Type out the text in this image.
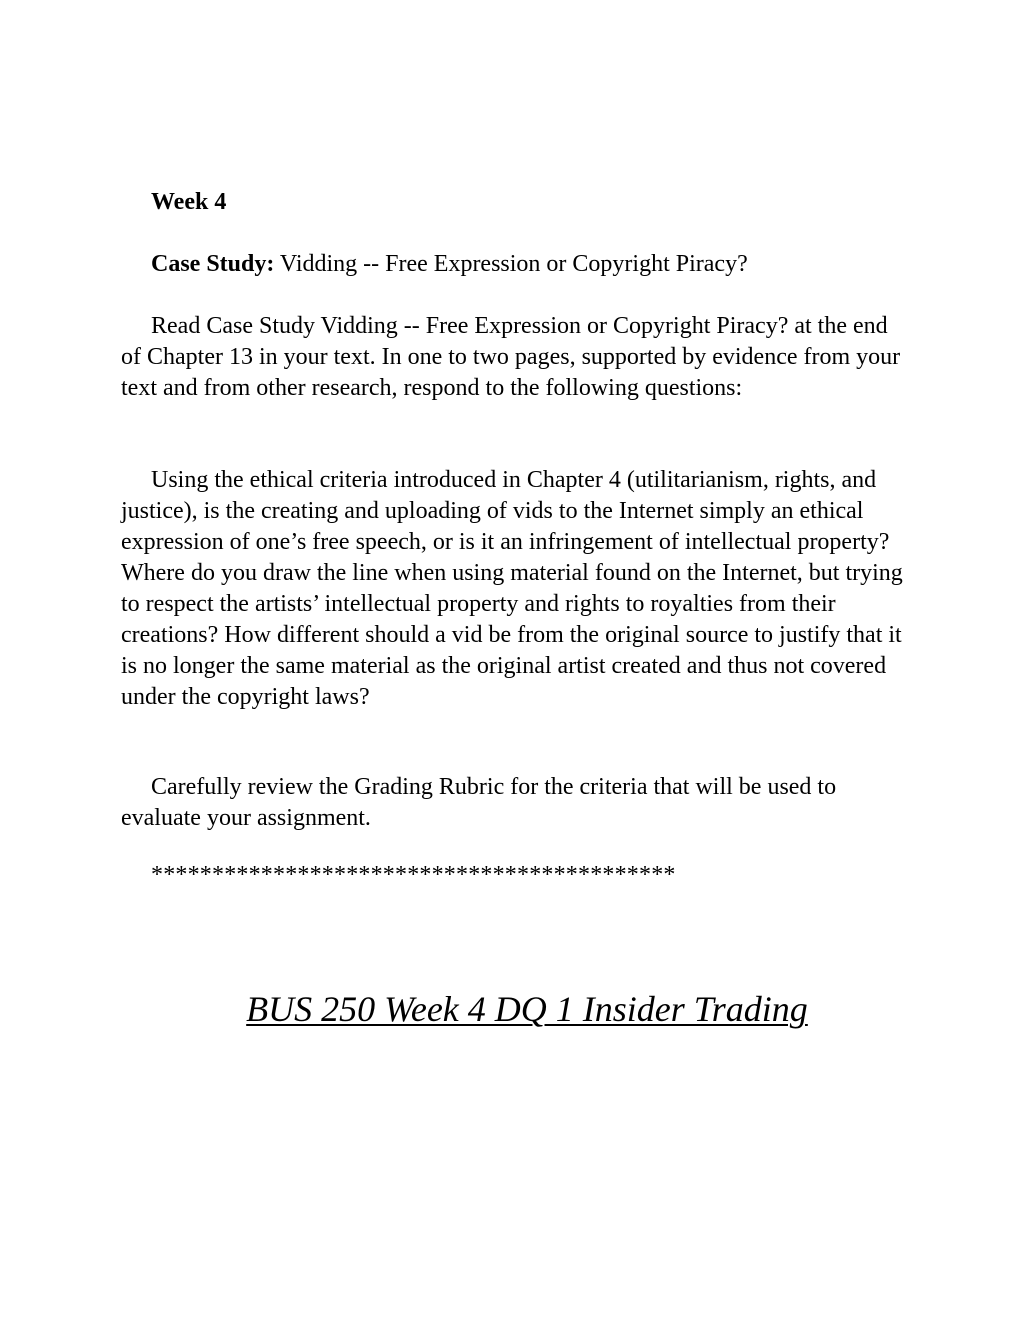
Week 4

Case Study: Vidding -- Free Expression or Copyright Piracy?

Read Case Study Vidding -- Free Expression or Copyright Piracy? at the end of Chapter 13 in your text. In one to two pages, supported by evidence from your text and from other research, respond to the following questions:

Using the ethical criteria introduced in Chapter 4 (utilitarianism, rights, and justice), is the creating and uploading of vids to the Internet simply an ethical expression of one’s free speech, or is it an infringement of intellectual property? Where do you draw the line when using material found on the Internet, but trying to respect the artists’ intellectual property and rights to royalties from their creations? How different should a vid be from the original source to justify that it is no longer the same material as the original artist created and thus not covered under the copyright laws?

Carefully review the Grading Rubric for the criteria that will be used to evaluate your assignment.

*******************************************

BUS 250 Week 4 DQ 1 Insider Trading
